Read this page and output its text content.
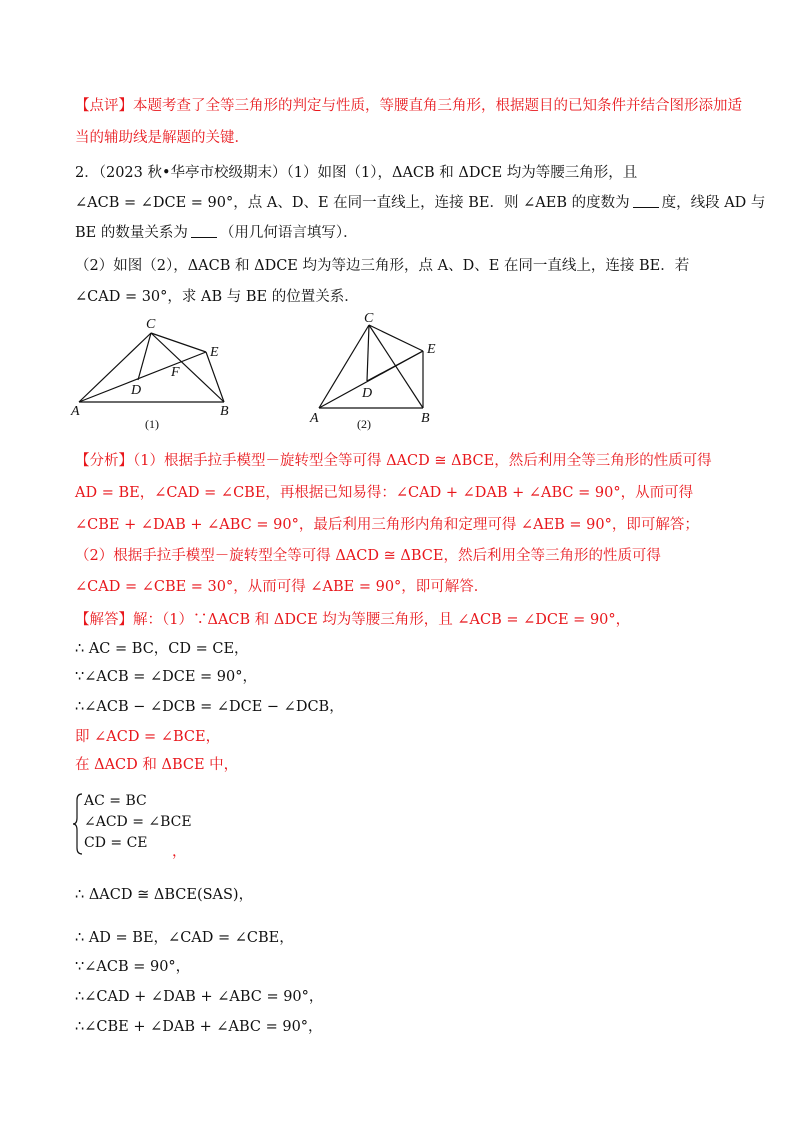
【点评】本题考查了全等三角形的判定与性质，等腰直角三角形，根据题目的已知条件并结合图形添加适
当的辅助线是解题的关键．
2．（2023 秋•华亭市校级期末）（1）如图（1），ΔACB 和 ΔDCE 均为等腰三角形，且
∠ACB = ∠DCE = 90°，点 A、D、E 在同一直线上，连接 BE．则 ∠AEB 的度数为 度，线段 AD 与
BE 的数量关系为 （用几何语言填写）．
（2）如图（2），ΔACB 和 ΔDCE 均为等边三角形，点 A、D、E 在同一直线上，连接 BE．若
∠CAD = 30°，求 AB 与 BE 的位置关系．
C
E
F
D
A	B
(1)
C
E
D
A	B
(2)
【分析】（1）根据手拉手模型－旋转型全等可得 ΔACD ≅ ΔBCE，然后利用全等三角形的性质可得
AD = BE，∠CAD = ∠CBE，再根据已知易得：∠CAD + ∠DAB + ∠ABC = 90°，从而可得
∠CBE + ∠DAB + ∠ABC = 90°，最后利用三角形内角和定理可得 ∠AEB = 90°，即可解答；
（2）根据手拉手模型－旋转型全等可得 ΔACD ≅ ΔBCE，然后利用全等三角形的性质可得
∠CAD = ∠CBE = 30°，从而可得 ∠ABE = 90°，即可解答．
【解答】解：（1）∵ΔACB 和 ΔDCE 均为等腰三角形，且 ∠ACB = ∠DCE = 90°，
∴ AC = BC，CD = CE，
∵∠ACB = ∠DCE = 90°，
∴∠ACB − ∠DCB = ∠DCE − ∠DCB，
即 ∠ACD = ∠BCE，
在 ΔACD 和 ΔBCE 中，
AC = BC
∠ACD = ∠BCE
CD = CE
，
∴ ΔACD ≅ ΔBCE(SAS)，
∴ AD = BE，∠CAD = ∠CBE，
∵∠ACB = 90°，
∴∠CAD + ∠DAB + ∠ABC = 90°，
∴∠CBE + ∠DAB + ∠ABC = 90°，
